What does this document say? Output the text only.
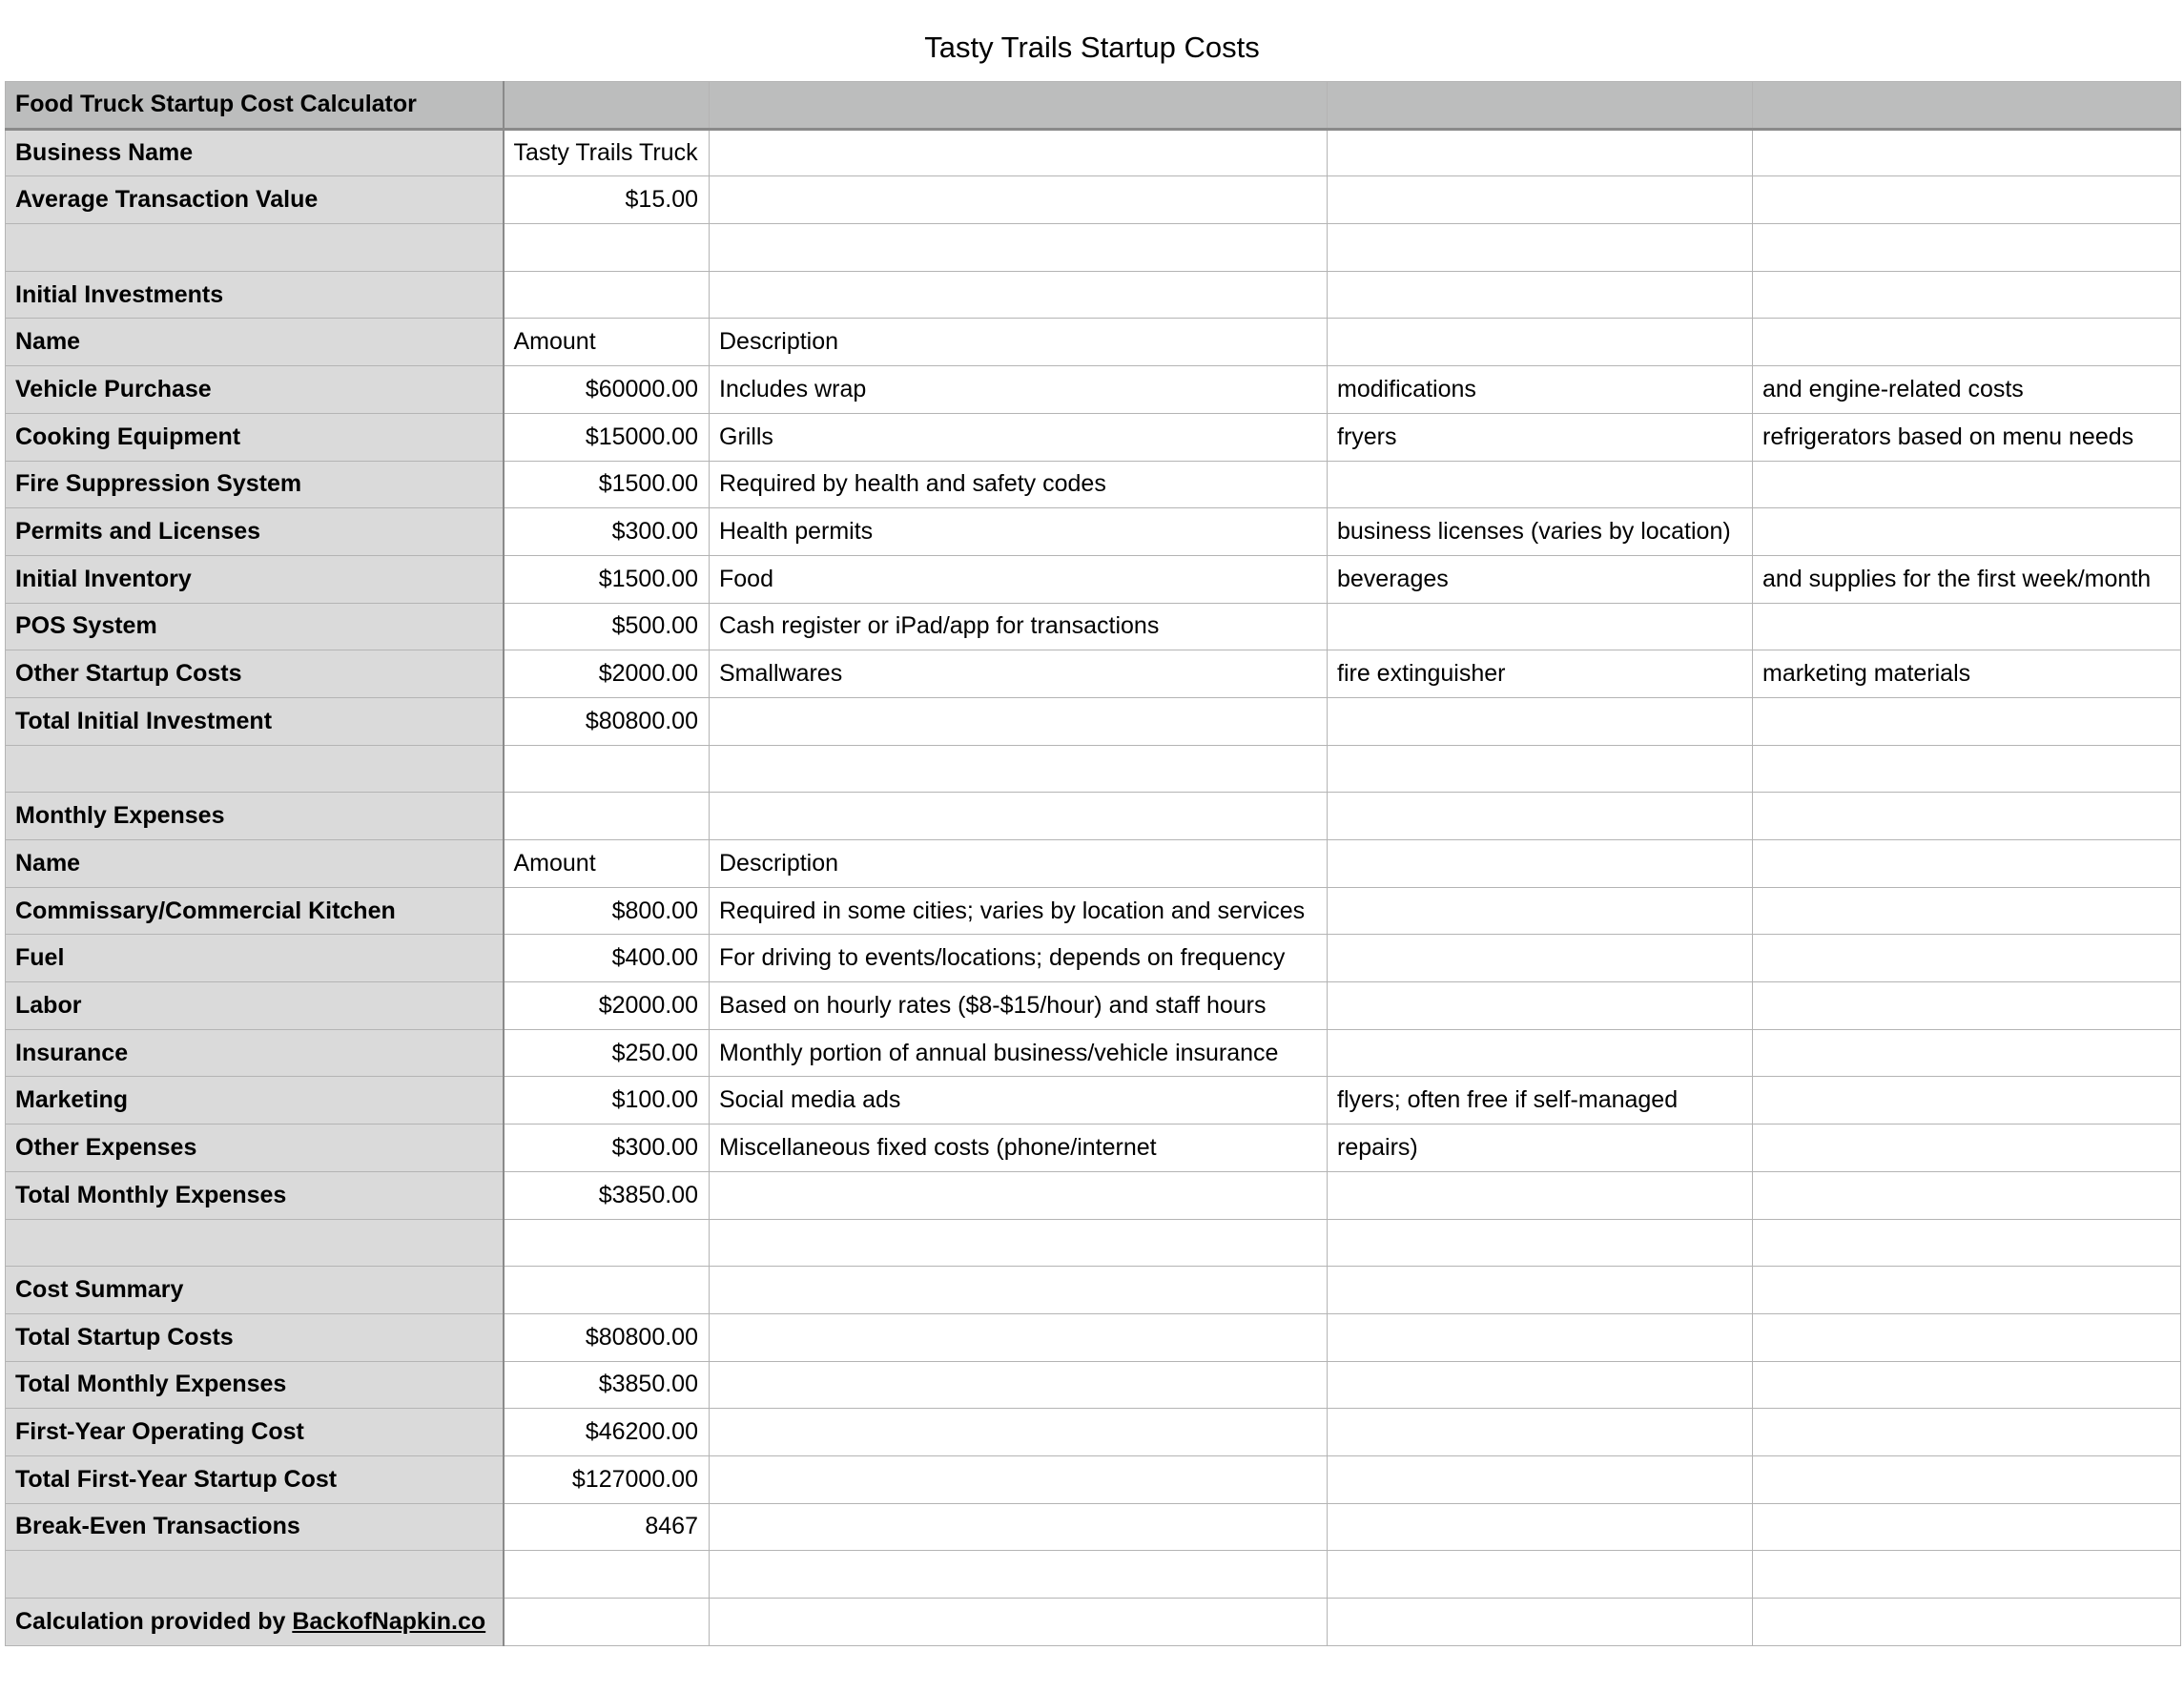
Tasty Trails Startup Costs
Food Truck Startup Cost Calculator				
Business Name	Tasty Trails Truck			
Average Transaction Value	$15.00			

Initial Investments				
Name	Amount	Description		
Vehicle Purchase	$60000.00	Includes wrap	modifications	and engine-related costs
Cooking Equipment	$15000.00	Grills	fryers	refrigerators based on menu needs
Fire Suppression System	$1500.00	Required by health and safety codes		
Permits and Licenses	$300.00	Health permits	business licenses (varies by location)	
Initial Inventory	$1500.00	Food	beverages	and supplies for the first week/month
POS System	$500.00	Cash register or iPad/app for transactions		
Other Startup Costs	$2000.00	Smallwares	fire extinguisher	marketing materials
Total Initial Investment	$80800.00			

Monthly Expenses				
Name	Amount	Description		
Commissary/Commercial Kitchen	$800.00	Required in some cities; varies by location and services		
Fuel	$400.00	For driving to events/locations; depends on frequency		
Labor	$2000.00	Based on hourly rates ($8-$15/hour) and staff hours		
Insurance	$250.00	Monthly portion of annual business/vehicle insurance		
Marketing	$100.00	Social media ads	flyers; often free if self-managed	
Other Expenses	$300.00	Miscellaneous fixed costs (phone/internet	repairs)	
Total Monthly Expenses	$3850.00			

Cost Summary				
Total Startup Costs	$80800.00			
Total Monthly Expenses	$3850.00			
First-Year Operating Cost	$46200.00			
Total First-Year Startup Cost	$127000.00			
Break-Even Transactions	8467			

Calculation provided by BackofNapkin.co				
